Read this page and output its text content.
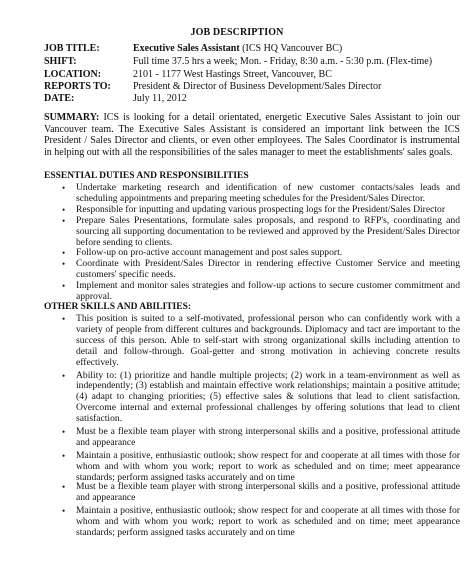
JOB DESCRIPTION
JOB TITLE:	Executive Sales Assistant (ICS HQ Vancouver BC)
SHIFT:	Full time 37.5 hrs a week; Mon. - Friday, 8:30 a.m. - 5:30 p.m. (Flex-time)
LOCATION:	2101 - 1177 West Hastings Street, Vancouver, BC
REPORTS TO: President & Director of Business Development/Sales Director
DATE:	July 11, 2012
SUMMARY: ICS is looking for a detail orientated, energetic Executive Sales Assistant to join our Vancouver team. The Executive Sales Assistant is considered an important link between the ICS President / Sales Director and clients, or even other employees. The Sales Coordinator is instrumental in helping out with all the responsibilities of the sales manager to meet the establishments' sales goals.
ESSENTIAL DUTIES AND RESPONSIBILITIES
• Undertake marketing research and identification of new customer contacts/sales leads and scheduling appointments and preparing meeting schedules for the President/Sales Director.
• Responsible for inputting and updating various prospecting logs for the President/Sales Director
• Prepare Sales Presentations, formulate sales proposals, and respond to RFP's, coordinating and sourcing all supporting documentation to be reviewed and approved by the President/Sales Director before sending to clients.
• Follow-up on pro-active account management and post sales support.
• Coordinate with President/Sales Director in rendering effective Customer Service and meeting customers' specific needs.
• Implement and monitor sales strategies and follow-up actions to secure customer commitment and approval.
OTHER SKILLS AND ABILITIES:
• This position is suited to a self-motivated, professional person who can confidently work with a variety of people from different cultures and backgrounds. Diplomacy and tact are important to the success of this person. Able to self-start with strong organizational skills including attention to detail and follow-through. Goal-getter and strong motivation in achieving concrete results effectively.
• Ability to: (1) prioritize and handle multiple projects; (2) work in a team-environment as well as independently; (3) establish and maintain effective work relationships; maintain a positive attitude; (4) adapt to changing priorities; (5) effective sales & solutions that lead to client satisfaction. Overcome internal and external professional challenges by offering solutions that lead to client satisfaction.
• Must be a flexible team player with strong interpersonal skills and a positive, professional attitude and appearance
• Maintain a positive, enthusiastic outlook; show respect for and cooperate at all times with those for whom and with whom you work; report to work as scheduled and on time; meet appearance standards; perform assigned tasks accurately and on time
• Must be a flexible team player with strong interpersonal skills and a positive, professional attitude and appearance
• Maintain a positive, enthusiastic outlook; show respect for and cooperate at all times with those for whom and with whom you work; report to work as scheduled and on time; meet appearance standards; perform assigned tasks accurately and on time
